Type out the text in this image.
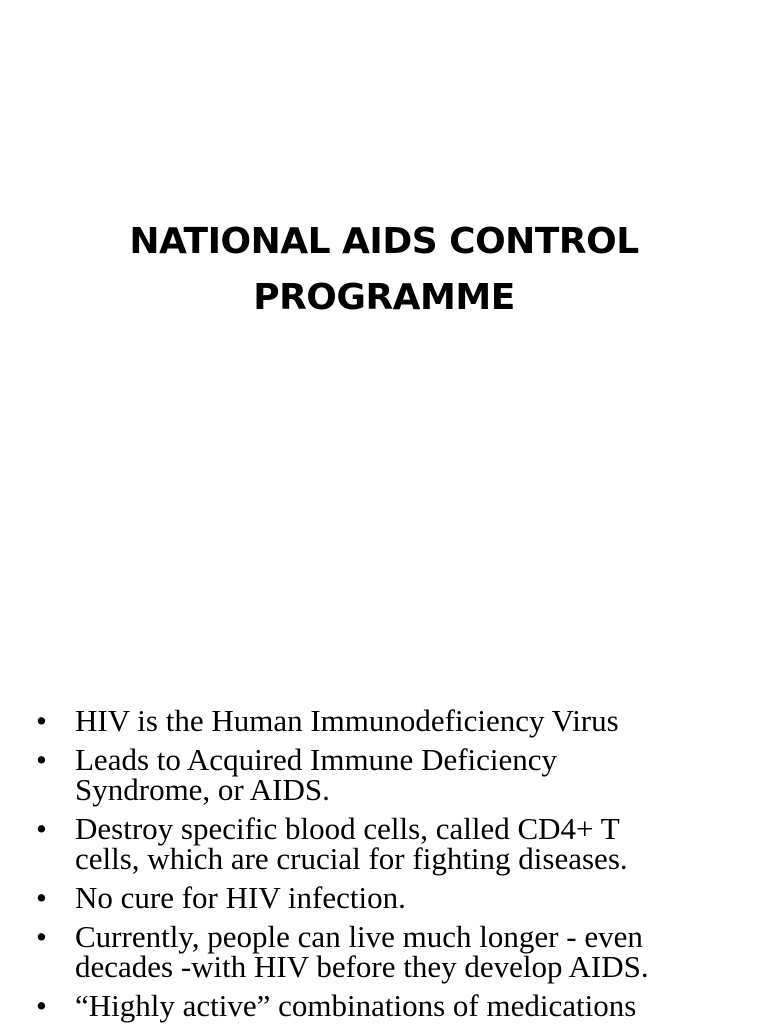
NATIONAL AIDS CONTROL
PROGRAMME
• HIV is the Human Immunodeficiency Virus
• Leads to Acquired Immune Deficiency
Syndrome, or AIDS.
• Destroy specific blood cells, called CD4+ T
cells, which are crucial for fighting diseases.
• No cure for HIV infection.
• Currently, people can live much longer - even
decades -with HIV before they develop AIDS.
• “Highly active” combinations of medications
